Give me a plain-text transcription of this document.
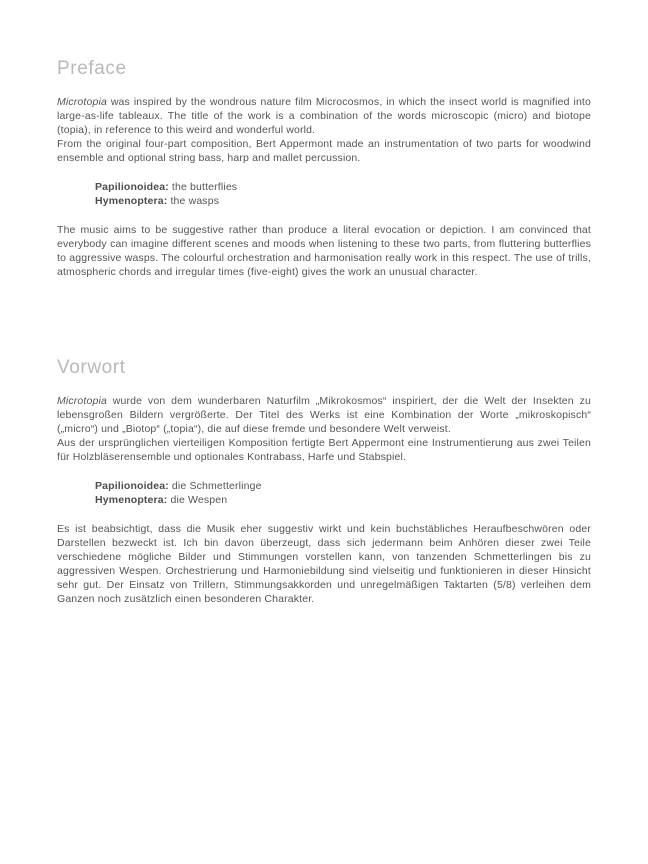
Preface

Microtopia was inspired by the wondrous nature film Microcosmos, in which the insect world is magnified into large-as-life tableaux. The title of the work is a combination of the words microscopic (micro) and biotope (topia), in reference to this weird and wonderful world.
From the original four-part composition, Bert Appermont made an instrumentation of two parts for woodwind ensemble and optional string bass, harp and mallet percussion.

Papilionoidea: the butterflies
Hymenoptera: the wasps

The music aims to be suggestive rather than produce a literal evocation or depiction. I am convinced that everybody can imagine different scenes and moods when listening to these two parts, from fluttering butterflies to aggressive wasps. The colourful orchestration and harmonisation really work in this respect. The use of trills, atmospheric chords and irregular times (five-eight) gives the work an unusual character.

Vorwort

Microtopia wurde von dem wunderbaren Naturfilm „Mikrokosmos“ inspiriert, der die Welt der Insekten zu lebensgroßen Bildern vergrößerte. Der Titel des Werks ist eine Kombination der Worte „mikroskopisch“ („micro“) und „Biotop“ („topia“), die auf diese fremde und besondere Welt verweist.
Aus der ursprünglichen vierteiligen Komposition fertigte Bert Appermont eine Instrumentierung aus zwei Teilen für Holzbläserensemble und optionales Kontrabass, Harfe und Stabspiel.

Papilionoidea: die Schmetterlinge
Hymenoptera: die Wespen

Es ist beabsichtigt, dass die Musik eher suggestiv wirkt und kein buchstäbliches Heraufbeschwören oder Darstellen bezweckt ist. Ich bin davon überzeugt, dass sich jedermann beim Anhören dieser zwei Teile verschiedene mögliche Bilder und Stimmungen vorstellen kann, von tanzenden Schmetterlingen bis zu aggressiven Wespen. Orchestrierung und Harmoniebildung sind vielseitig und funktionieren in dieser Hinsicht sehr gut. Der Einsatz von Trillern, Stimmungsakkorden und unregelmäßigen Taktarten (5/8) verleihen dem Ganzen noch zusätzlich einen besonderen Charakter.
